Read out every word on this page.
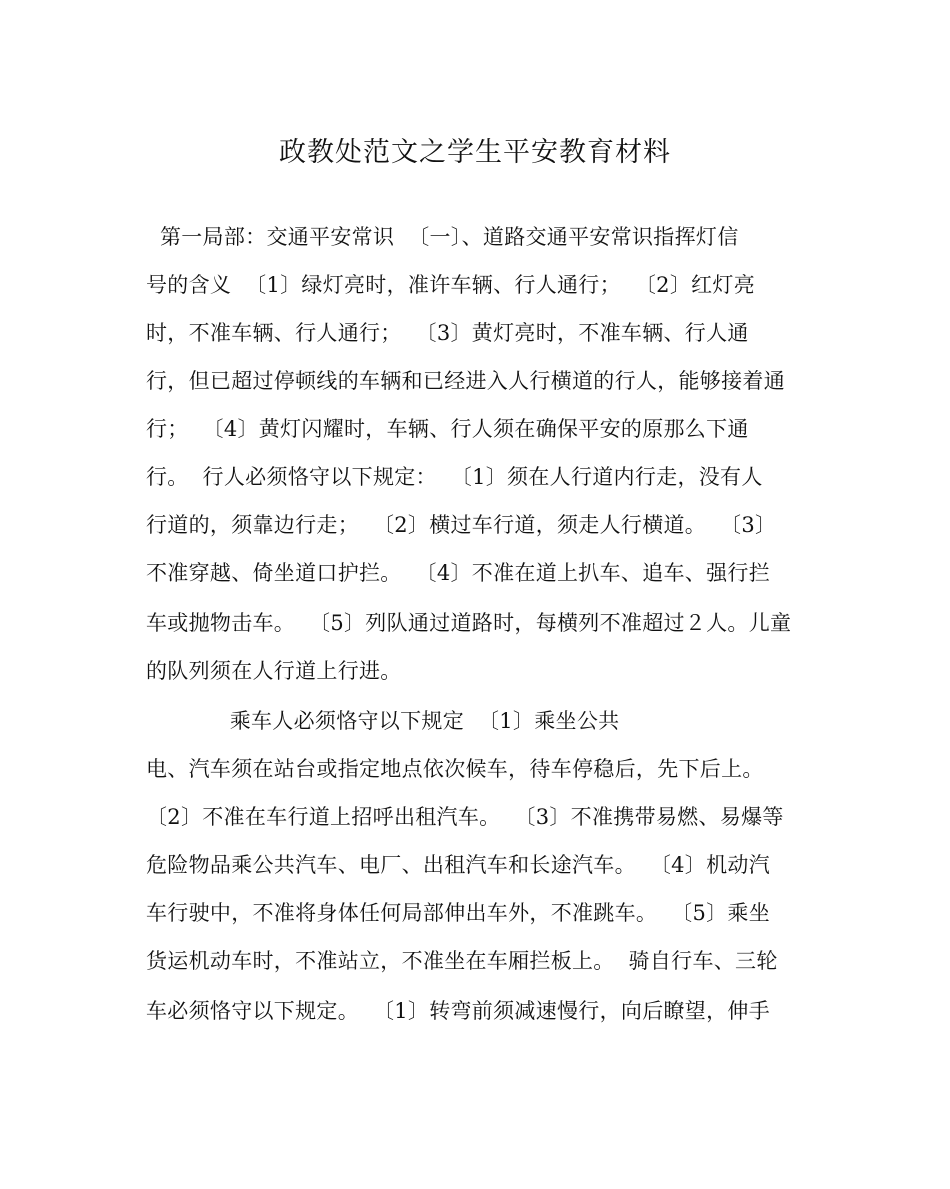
政教处范文之学生平安教育材料
第一局部：交通平安常识  〔一〕、道路交通平安常识指挥灯信
号的含义  〔1〕绿灯亮时，准许车辆、行人通行；  〔2〕红灯亮
时，不准车辆、行人通行；  〔3〕黄灯亮时，不准车辆、行人通
行，但已超过停顿线的车辆和已经进入人行横道的行人，能够接着通
行；  〔4〕黄灯闪耀时，车辆、行人须在确保平安的原那么下通
行。  行人必须恪守以下规定：  〔1〕须在人行道内行走，没有人
行道的，须靠边行走；  〔2〕横过车行道，须走人行横道。  〔3〕
不准穿越、倚坐道口护拦。  〔4〕不准在道上扒车、追车、强行拦
车或抛物击车。  〔5〕列队通过道路时，每横列不准超过２人。儿童
的队列须在人行道上行进。
乘车人必须恪守以下规定  〔1〕乘坐公共
电、汽车须在站台或指定地点依次候车，待车停稳后，先下后上。
〔2〕不准在车行道上招呼出租汽车。  〔3〕不准携带易燃、易爆等
危险物品乘公共汽车、电厂、出租汽车和长途汽车。  〔4〕机动汽
车行驶中，不准将身体任何局部伸出车外，不准跳车。  〔5〕乘坐
货运机动车时，不准站立，不准坐在车厢拦板上。  骑自行车、三轮
车必须恪守以下规定。  〔1〕转弯前须减速慢行，向后瞭望，伸手
